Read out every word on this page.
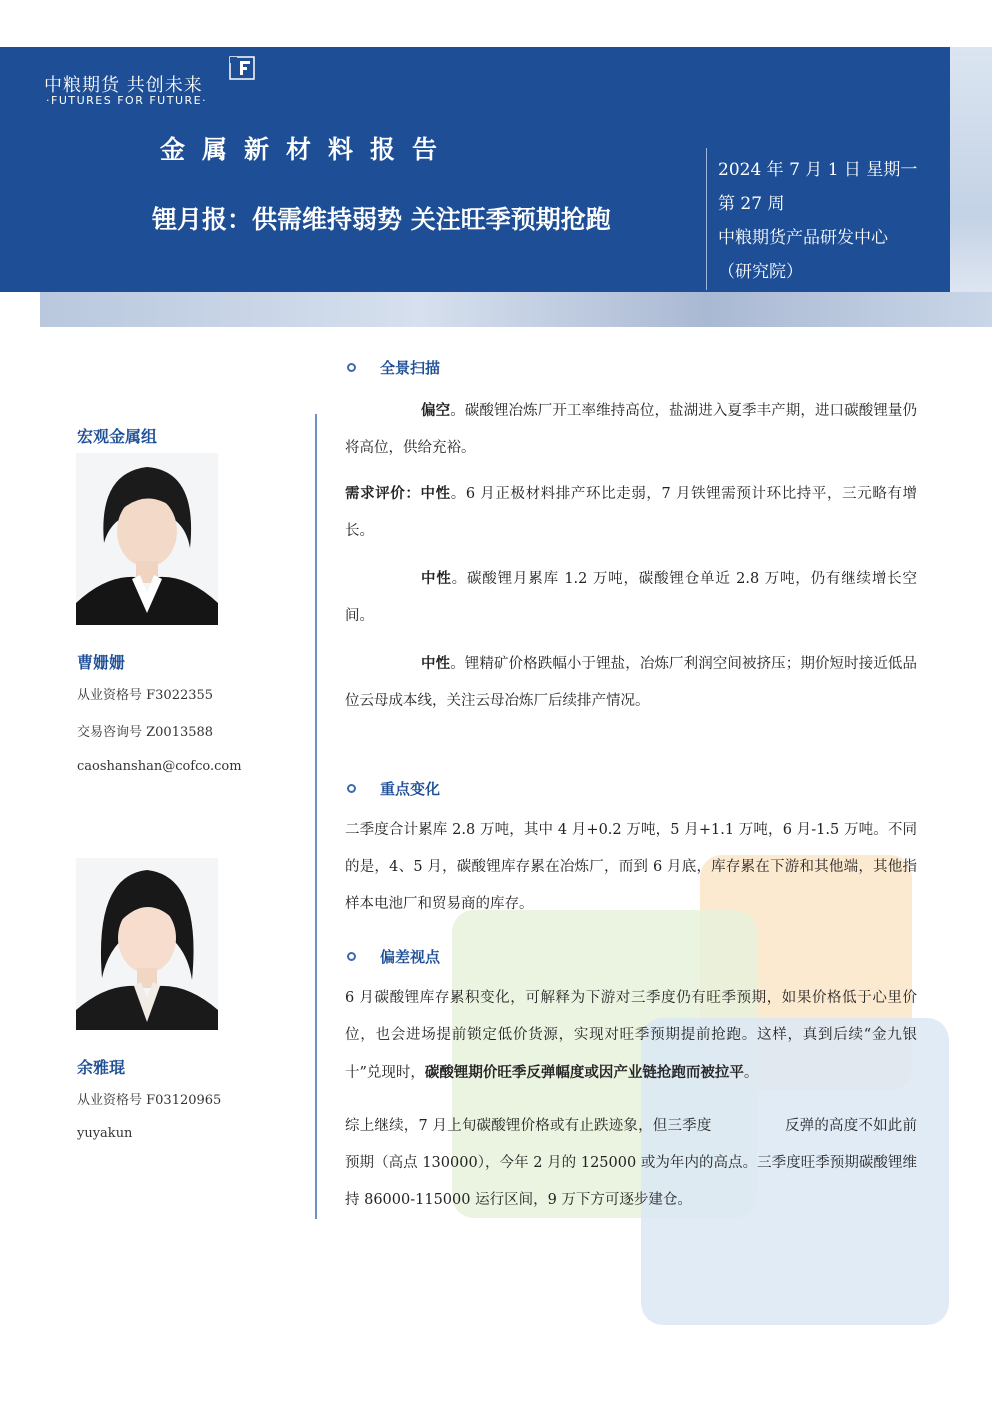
中粮期货 共创未来
·FUTURES FOR FUTURE·
金属新材料报告
锂月报：供需维持弱势 关注旺季预期抢跑
2024 年 7 月 1 日 星期一
第 27 周
中粮期货产品研发中心
（研究院）
宏观金属组
曹姗姗
从业资格号 F3022355
交易咨询号 Z0013588
caoshanshan@cofco.com
余雅琨
从业资格号 F03120965
yuyakun
全景扫描
偏空。碳酸锂冶炼厂开工率维持高位，盐湖进入夏季丰产期，进口碳酸锂量仍将高位，供给充裕。
需求评价：中性。6 月正极材料排产环比走弱，7 月铁锂需预计环比持平，三元略有增长。
中性。碳酸锂月累库 1.2 万吨，碳酸锂仓单近 2.8 万吨，仍有继续增长空间。
中性。锂精矿价格跌幅小于锂盐，冶炼厂利润空间被挤压；期价短时接近低品位云母成本线，关注云母冶炼厂后续排产情况。
重点变化
二季度合计累库 2.8 万吨，其中 4 月+0.2 万吨，5 月+1.1 万吨，6 月-1.5 万吨。不同的是，4、5 月，碳酸锂库存累在冶炼厂，而到 6 月底，库存累在下游和其他端，其他指样本电池厂和贸易商的库存。
偏差视点
6 月碳酸锂库存累积变化，可解释为下游对三季度仍有旺季预期，如果价格低于心里价位，也会进场提前锁定低价货源，实现对旺季预期提前抢跑。这样，真到后续“金九银十”兑现时，碳酸锂期价旺季反弹幅度或因产业链抢跑而被拉平。
综上继续，7 月上旬碳酸锂价格或有止跌迹象，但三季度　　　　　反弹的高度不如此前预期（高点 130000），今年 2 月的 125000 或为年内的高点。三季度旺季预期碳酸锂维持 86000-115000 运行区间，9 万下方可逐步建仓。
